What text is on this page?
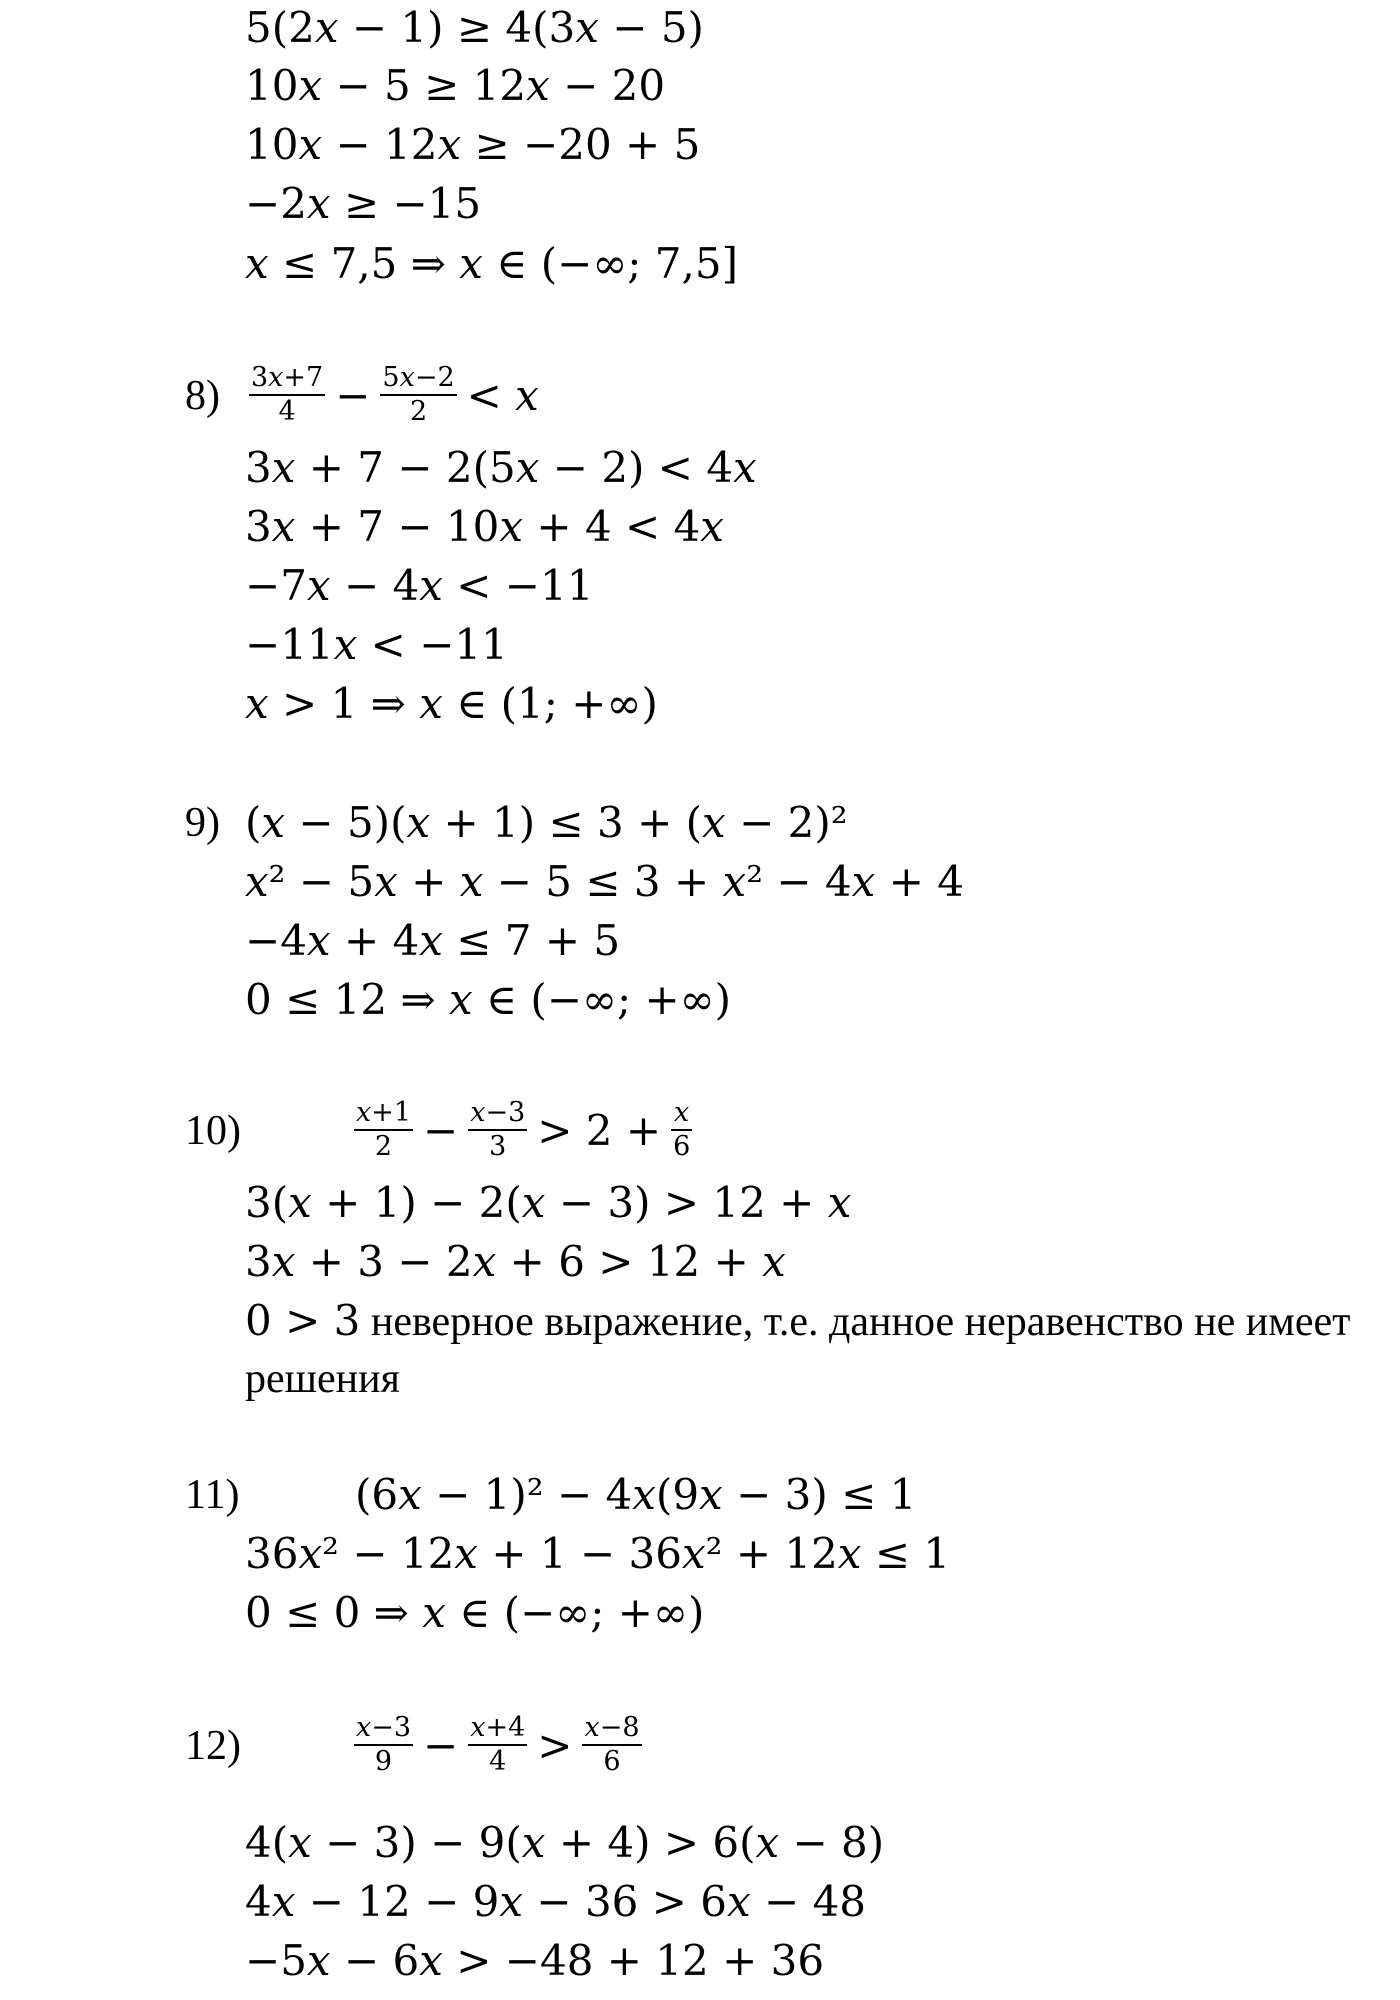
5(2𝑥 − 1) ≥ 4(3𝑥 − 5)
10𝑥 − 5 ≥ 12𝑥 − 20
10𝑥 − 12𝑥 ≥ −20 + 5
−2𝑥 ≥ −15
𝑥 ≤ 7,5 ⇒ 𝑥 ∈ (−∞; 7,5]
$8) \frac{\text{3𝑥+7}}{4} - \frac{\text{5𝑥−2}}{2}$ < 𝑥
3𝑥 + 7 − 2(5𝑥 − 2) < 4𝑥
3𝑥 + 7 − 10𝑥 + 4 < 4𝑥
−7𝑥 − 4𝑥 < −11
−11𝑥 < −11
𝑥 > 1 ⇒ 𝑥 ∈ (1; +∞)
9) (𝑥 − 5)(𝑥 + 1) ≤ 3 + (𝑥 − 2)²
𝑥² − 5𝑥 + 𝑥 − 5 ≤ 3 + 𝑥² − 4𝑥 + 4
−4𝑥 + 4𝑥 ≤ 7 + 5
0 ≤ 12 ⇒ 𝑥 ∈ (−∞; +∞)
10)	$\frac{\text{𝑥+1}}{2} - \frac{\text{𝑥−3}}{3} > 2 + \frac{\text{𝑥}}{6}$
3(𝑥 + 1) − 2(𝑥 − 3) > 12 + 𝑥
3𝑥 + 3 − 2𝑥 + 6 > 12 + 𝑥
0 > 3 неверное выражение, т.е. данное неравенство не имеет
решения
11)	(6𝑥 − 1)² − 4𝑥(9𝑥 − 3) ≤ 1
36𝑥² − 12𝑥 + 1 − 36𝑥² + 12𝑥 ≤ 1
0 ≤ 0 ⇒ 𝑥 ∈ (−∞; +∞)
12)	$\frac{\text{𝑥−3}}{9} - \frac{\text{𝑥+4}}{4} > \frac{\text{𝑥−8}}{6}$
4(𝑥 − 3) − 9(𝑥 + 4) > 6(𝑥 − 8)
4𝑥 − 12 − 9𝑥 − 36 > 6𝑥 − 48
−5𝑥 − 6𝑥 > −48 + 12 + 36
